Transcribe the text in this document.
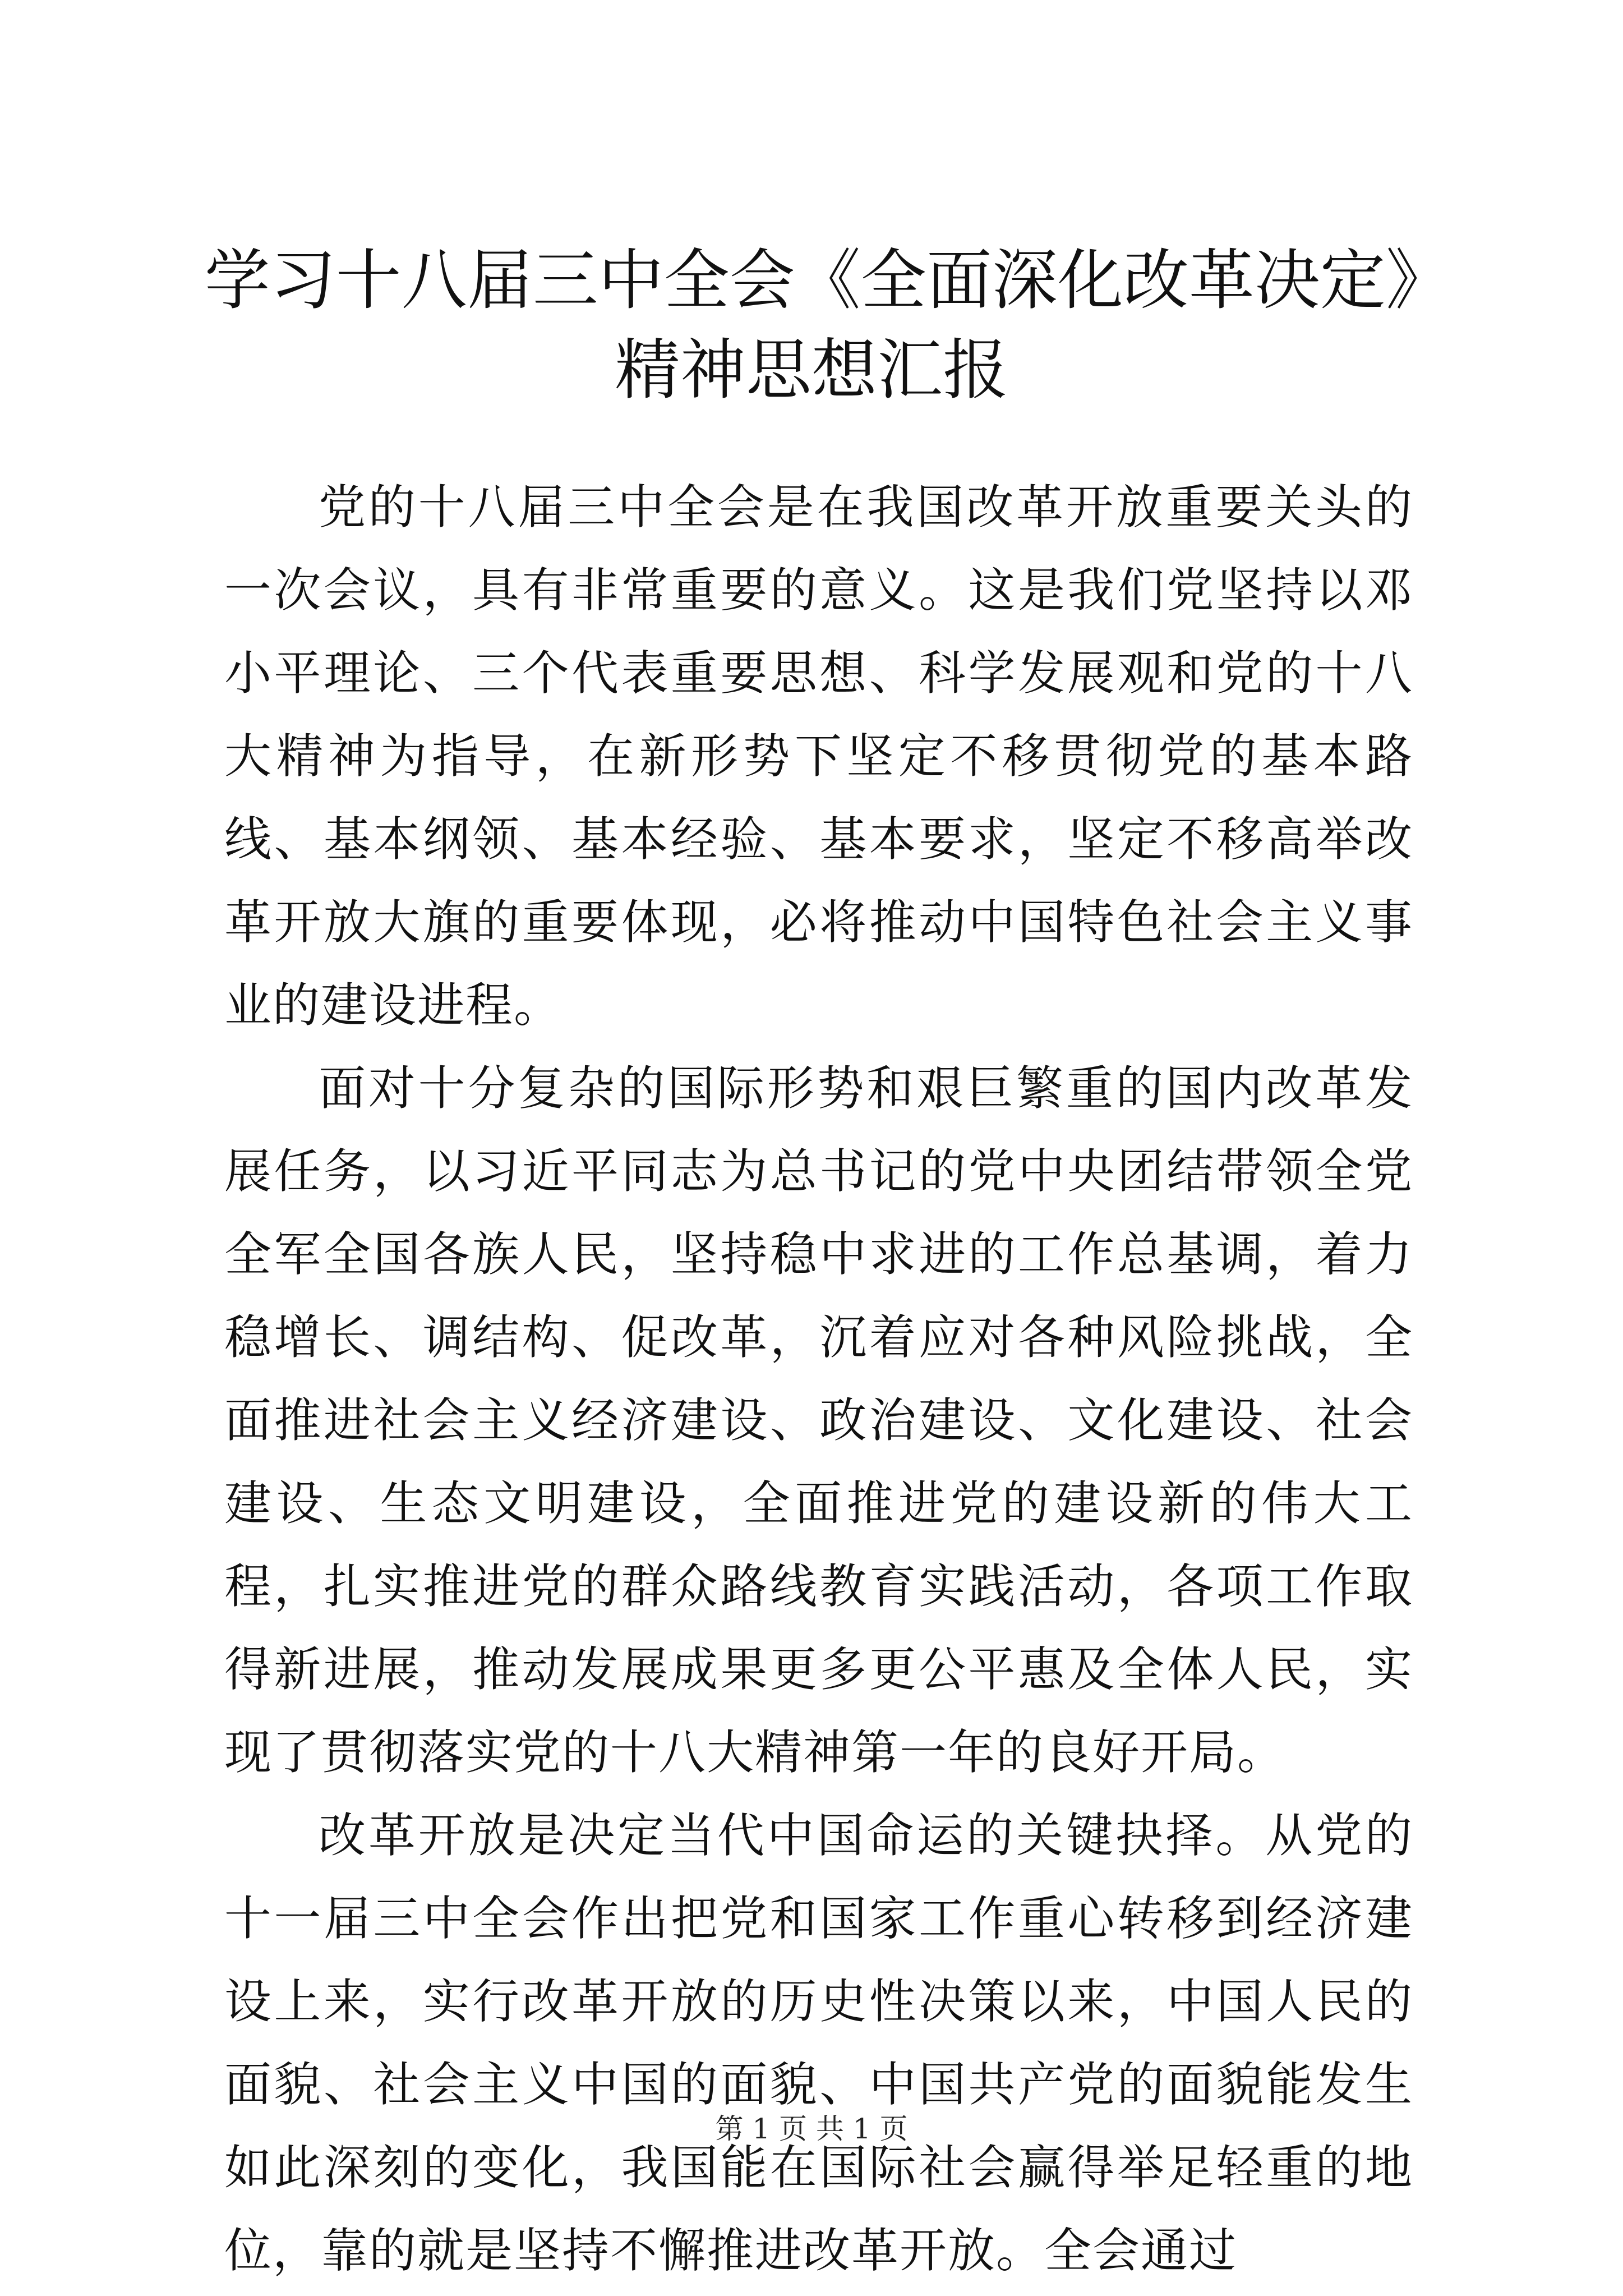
学习十八届三中全会《全面深化改革决定》精神思想汇报

党的十八届三中全会是在我国改革开放重要关头的一次会议，具有非常重要的意义。这是我们党坚持以邓小平理论、三个代表重要思想、科学发展观和党的十八大精神为指导，在新形势下坚定不移贯彻党的基本路线、基本纲领、基本经验、基本要求，坚定不移高举改革开放大旗的重要体现，必将推动中国特色社会主义事业的建设进程。

面对十分复杂的国际形势和艰巨繁重的国内改革发展任务，以习近平同志为总书记的党中央团结带领全党全军全国各族人民，坚持稳中求进的工作总基调，着力稳增长、调结构、促改革，沉着应对各种风险挑战，全面推进社会主义经济建设、政治建设、文化建设、社会建设、生态文明建设，全面推进党的建设新的伟大工程，扎实推进党的群众路线教育实践活动，各项工作取得新进展，推动发展成果更多更公平惠及全体人民，实现了贯彻落实党的十八大精神第一年的良好开局。

改革开放是决定当代中国命运的关键抉择。从党的十一届三中全会作出把党和国家工作重心转移到经济建设上来，实行改革开放的历史性决策以来，中国人民的面貌、社会主义中国的面貌、中国共产党的面貌能发生如此深刻的变化，我国能在国际社会赢得举足轻重的地位，靠的就是坚持不懈推进改革开放。全会通过

第 1 页 共 1 页
